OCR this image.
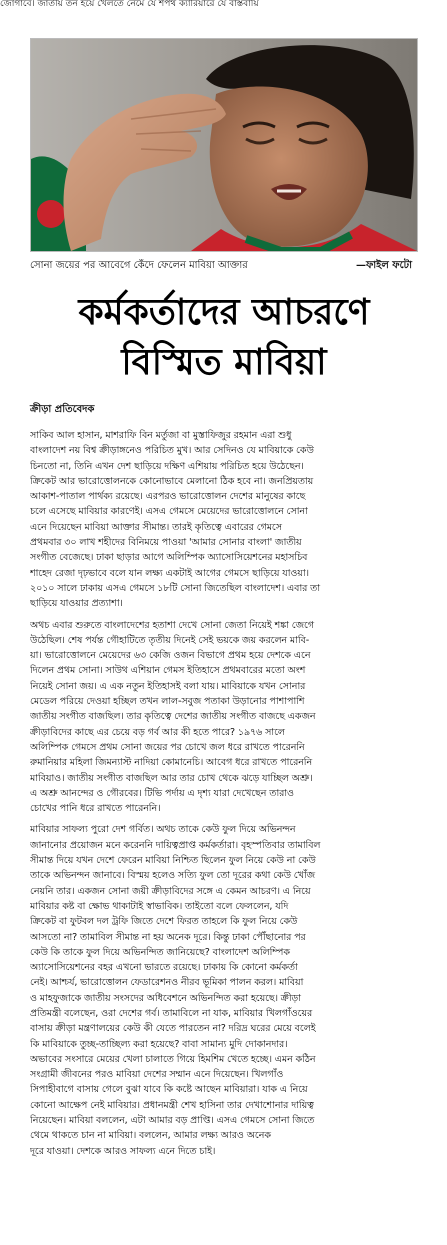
জোগাবে। জাতীয় তন হয়ে খেলতে নেমে যে শপথ ক্যারিয়ারে যে বাস্তবায়ি
সোনা জয়ের পর আবেগে কেঁদে ফেলেন মাবিয়া আক্তার	—ফাইল ফটো
কর্মকর্তাদের আচরণে
বিস্মিত মাবিয়া
ক্রীড়া প্রতিবেদক
সাকিব আল হাসান, মাশরাফি বিন মর্তুজা বা মুস্তাফিজুর রহমান এরা শুধু
বাংলাদেশ নয় বিশ্ব ক্রীড়াঙ্গনেও পরিচিত মুখ। আর সেদিনও যে মাবিয়াকে কেউ
চিনতো না, তিনি এখন দেশ ছাড়িয়ে দক্ষিণ এশিয়ায় পরিচিত হয়ে উঠেছেন।
ক্রিকেট আর ভারোত্তোলনকে কোনোভাবে মেলানো ঠিক হবে না। জনপ্রিয়তায়
আকাশ-পাতাল পার্থক্য রয়েছে। এরপরও ভারোত্তোলন দেশের মানুষের কাছে
চলে এসেছে মাবিয়ার কারণেই। এসএ গেমসে মেয়েদের ভারোত্তোলনে সোনা
এনে দিয়েছেন মাবিয়া আক্তার সীমান্ত। তারই কৃতিত্বে এবারের গেমসে
প্রথমবার ৩০ লাখ শহীদের বিনিময়ে পাওয়া 'আমার সোনার বাংলা' জাতীয়
সংগীত বেজেছে। ঢাকা ছাড়ার আগে অলিম্পিক অ্যাসোসিয়েশনের মহাসচিব
শাহেদ রেজা দৃঢ়ভাবে বলে যান লক্ষ্য একটাই আগের গেমসে ছাড়িয়ে যাওয়া।
২০১০ সালে ঢাকায় এসএ গেমসে ১৮টি সোনা জিতেছিল বাংলাদেশ। এবার তা
ছাড়িয়ে যাওয়ার প্রত্যাশা।
অথচ এবার শুরুতে বাংলাদেশের হতাশা দেখে সোনা জেতা নিয়েই শঙ্কা জেগে
উঠেছিল। শেষ পর্যন্ত গৌহাটিতে তৃতীয় দিনেই সেই ভয়কে জয় করলেন মাবি-
য়া। ভারোত্তোলনে মেয়েদের ৬৩ কেজি ওজন বিভাগে প্রথম হয়ে দেশকে এনে
দিলেন প্রথম সোনা। সাউথ এশিয়ান গেমস ইতিহাসে প্রথমবারের মতো অংশ
নিয়েই সোনা জয়। এ এক নতুন ইতিহাসই বলা যায়। মাবিয়াকে যখন সোনার
মেডেল পরিয়ে দেওয়া হচ্ছিল তখন লাল-সবুজ পতাকা উড়ানোর পাশাপাশি
জাতীয় সংগীত বাজছিল। তার কৃতিত্বে দেশের জাতীয় সংগীত বাজছে একজন
ক্রীড়াবিদের কাছে এর চেয়ে বড় গর্ব আর কী হতে পারে? ১৯৭৬ সালে
অলিম্পিক গেমসে প্রথম সোনা জয়ের পর চোখে জল ধরে রাখতে পারেননি
রুমানিয়ার মহিলা জিমন্যাস্ট নাদিয়া কোমানেচি। আবেগ ধরে রাখতে পারেননি
মাবিয়াও। জাতীয় সংগীত বাজছিল আর তার চোখ থেকে ঝড়ে যাচ্ছিল অশ্রু।
এ অশ্রু আনন্দের ও গৌরবের। টিভি পর্দায় এ দৃশ্য যারা দেখেছেন তারাও
চোখের পানি ধরে রাখতে পারেননি।
মাবিয়ার সাফল্য পুরো দেশ গর্বিত। অথচ তাকে কেউ ফুল দিয়ে অভিনন্দন
জানানোর প্রয়োজন মনে করেননি দায়িত্বপ্রাপ্ত কর্মকর্তারা। বৃহস্পতিবার তামাবিল
সীমান্ত দিয়ে যখন দেশে ফেরেন মাবিয়া নিশ্চিত ছিলেন ফুল নিয়ে কেউ না কেউ
তাকে অভিনন্দন জানাবে। বিস্ময় হলেও সত্যি ফুল তো দূরের কথা কেউ খোঁজ
নেয়নি তার। একজন সোনা জয়ী ক্রীড়াবিদের সঙ্গে এ কেমন আচরণ। এ নিয়ে
মাবিয়ার কষ্ট বা ক্ষোভ থাকাটাই স্বাভাবিক। তাইতো বলে ফেললেন, যদি
ক্রিকেট বা ফুটবল দল ট্রফি জিতে দেশে ফিরত তাহলে কি ফুল নিয়ে কেউ
আসতো না? তামাবিল সীমান্ত না হয় অনেক দূরে। কিন্তু ঢাকা পৌঁছানোর পর
কেউ কি তাকে ফুল দিয়ে অভিনন্দিত জানিয়েছে? বাংলাদেশ অলিম্পিক
অ্যাসোসিয়েশনের বহর এখনো ভারতে রয়েছে। ঢাকায় কি কোনো কর্মকর্তা
নেই। আশ্চর্য, ভারোত্তোলন ফেডারেশনও নীরব ভূমিকা পালন করল। মাবিয়া
ও মাহফুজাকে জাতীয় সংসদের অধিবেশনে অভিনন্দিত করা হয়েছে। ক্রীড়া
প্রতিমন্ত্রী বলেছেন, ওরা দেশের গর্ব। তামাবিলে না যাক, মাবিয়ার খিলগাঁওয়ের
বাসায় ক্রীড়া মন্ত্রণালয়ের কেউ কী যেতে পারতেন না? দরিদ্র ঘরের মেয়ে বলেই
কি মাবিয়াকে তুচ্ছ-তাচ্ছিল্য করা হয়েছে? বাবা সামান্য মুদি দোকানদার।
অভাবের সংসারে মেয়ের খেলা চালাতে গিয়ে হিমশিম খেতে হচ্ছে। এমন কঠিন
সংগ্রামী জীবনের পরও মাবিয়া দেশের সম্মান এনে দিয়েছেন। খিলগাঁও
সিপাহীবাগে বাসায় গেলে বুঝা যাবে কি কষ্টে আছেন মাবিয়ারা। যাক এ নিয়ে
কোনো আক্ষেপ নেই মাবিয়ার। প্রধানমন্ত্রী শেখ হাসিনা তার দেখাশোনার দায়িত্ব
নিয়েছেন। মাবিয়া বললেন, এটা আমার বড় প্রাপ্তি। এসএ গেমসে সোনা জিতে
থেমে থাকতে চান না মাবিয়া। বললেন, আমার লক্ষ্য আরও অনেক
দূরে যাওয়া। দেশকে আরও সাফল্য এনে দিতে চাই।
